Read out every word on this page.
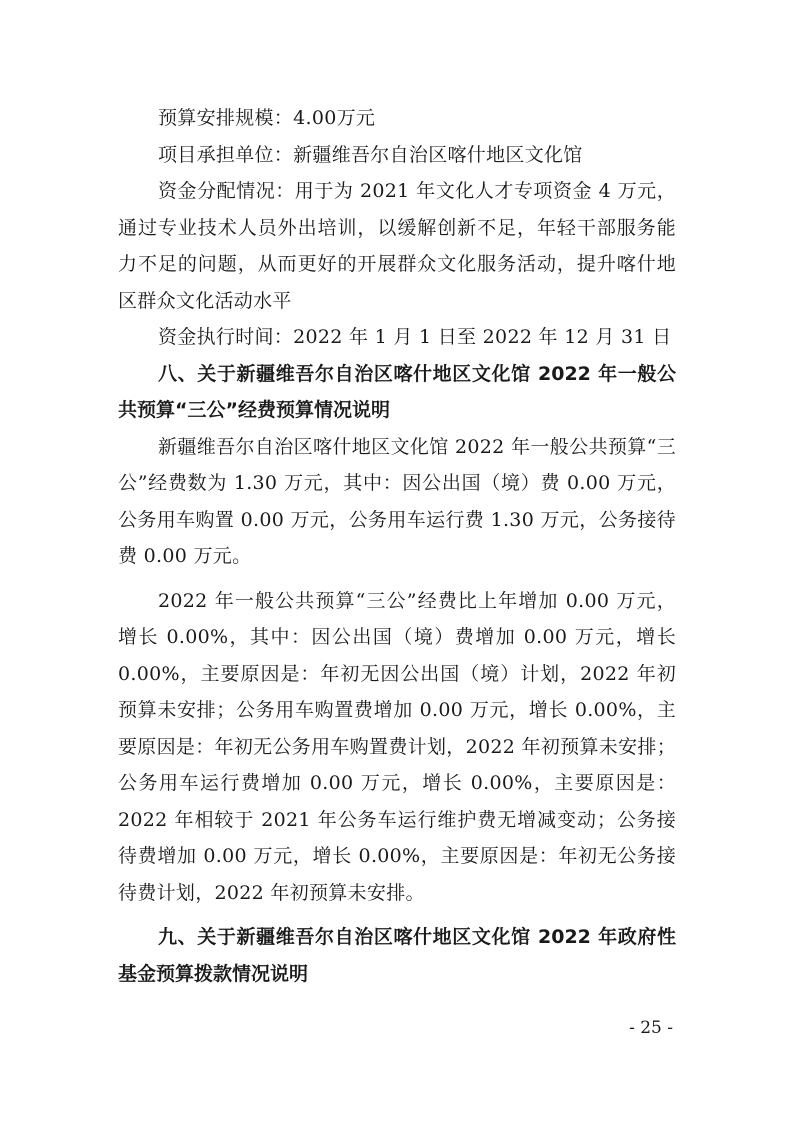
预算安排规模：4.00万元

项目承担单位：新疆维吾尔自治区喀什地区文化馆

资金分配情况：用于为 2021 年文化人才专项资金 4 万元，通过专业技术人员外出培训，以缓解创新不足，年轻干部服务能力不足的问题，从而更好的开展群众文化服务活动，提升喀什地区群众文化活动水平

资金执行时间：2022 年 1 月 1 日至 2022 年 12 月 31 日

八、关于新疆维吾尔自治区喀什地区文化馆 2022 年一般公共预算“三公”经费预算情况说明

新疆维吾尔自治区喀什地区文化馆 2022 年一般公共预算“三公”经费数为 1.30 万元，其中：因公出国（境）费 0.00 万元，公务用车购置 0.00 万元，公务用车运行费 1.30 万元，公务接待费 0.00 万元。

2022 年一般公共预算“三公”经费比上年增加 0.00 万元，增长 0.00%，其中：因公出国（境）费增加 0.00 万元，增长 0.00%，主要原因是：年初无因公出国（境）计划，2022 年初预算未安排；公务用车购置费增加 0.00 万元，增长 0.00%，主要原因是：年初无公务用车购置费计划，2022 年初预算未安排；公务用车运行费增加 0.00 万元，增长 0.00%，主要原因是：2022 年相较于 2021 年公务车运行维护费无增减变动；公务接待费增加 0.00 万元，增长 0.00%，主要原因是：年初无公务接待费计划，2022 年初预算未安排。

九、关于新疆维吾尔自治区喀什地区文化馆 2022 年政府性基金预算拨款情况说明
- 25 -
